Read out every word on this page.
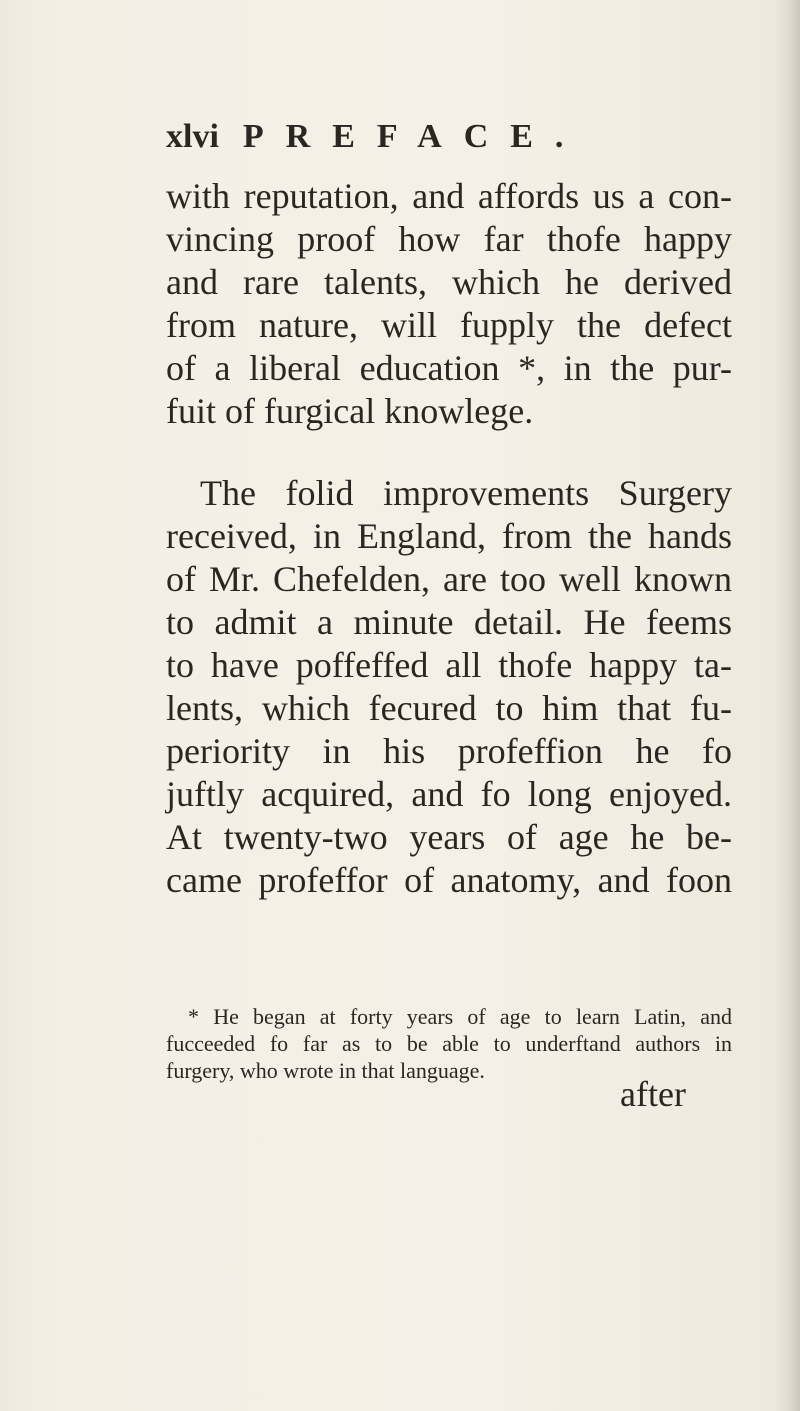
xlvi PREFACE.
with reputation, and affords us a con-
vincing proof how far thofe happy
and rare talents, which he derived
from nature, will fupply the defect
of a liberal education *, in the pur-
fuit of furgical knowlege.
The folid improvements Surgery
received, in England, from the hands
of Mr. Chefelden, are too well known
to admit a minute detail. He feems
to have poffeffed all thofe happy ta-
lents, which fecured to him that fu-
periority in his profeffion he fo
juftly acquired, and fo long enjoyed.
At twenty-two years of age he be-
came profeffor of anatomy, and foon
* He began at forty years of age to learn Latin, and
fucceeded fo far as to be able to underftand authors in
furgery, who wrote in that language.
after
